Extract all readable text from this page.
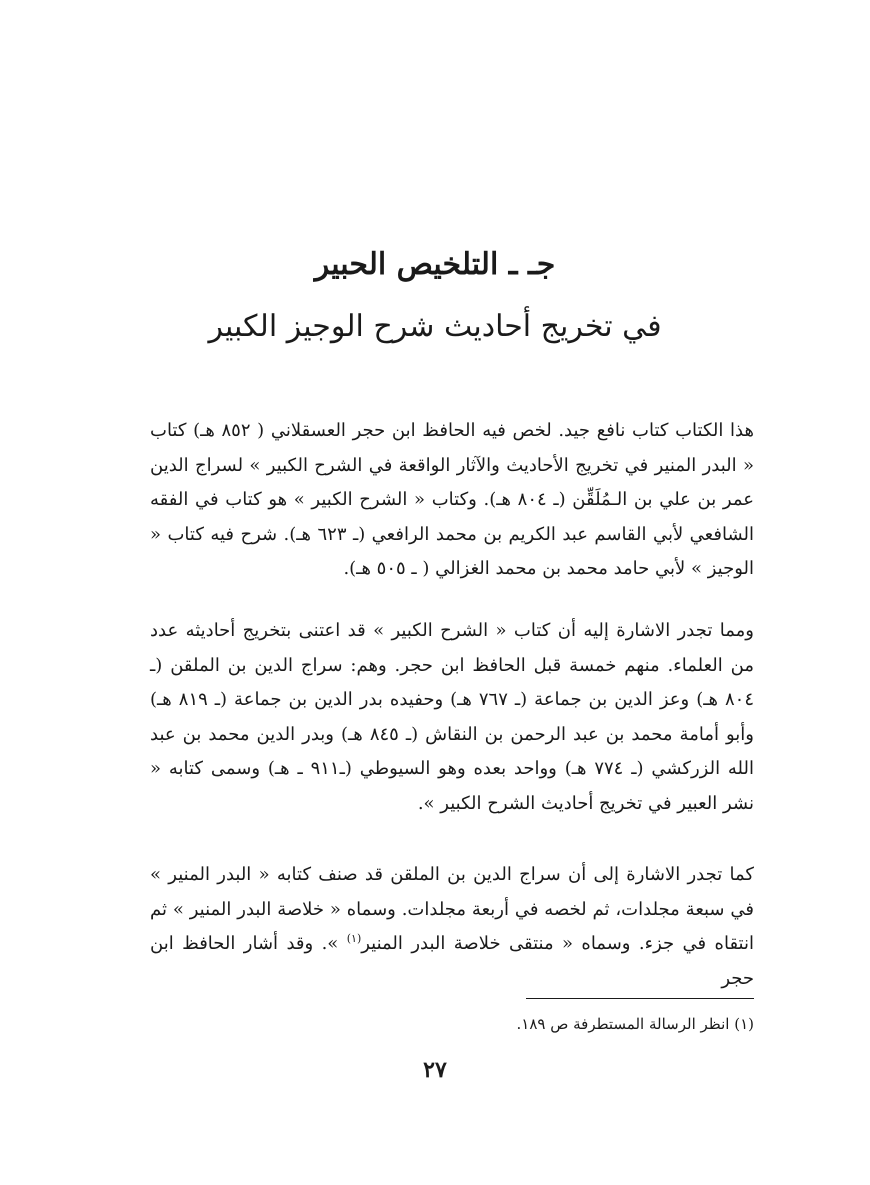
جـ ـ التلخيص الحبير
في تخريج أحاديث شرح الوجيز الكبير

هذا الكتاب كتاب نافع جيد. لخص فيه الحافظ ابن حجر العسقلاني ( ٨٥٢ هـ) كتاب « البدر المنير في تخريج الأحاديث والآثار الواقعة في الشرح الكبير » لسراج الدين عمر بن علي بن الـمُلَقِّن (ـ ٨٠٤ هـ). وكتاب « الشرح الكبير » هو كتاب في الفقه الشافعي لأبي القاسم عبد الكريم بن محمد الرافعي (ـ ٦٢٣ هـ). شرح فيه كتاب « الوجيز » لأبي حامد محمد بن محمد الغزالي ( ـ ٥٠٥ هـ).

ومما تجدر الاشارة إليه أن كتاب « الشرح الكبير » قد اعتنى بتخريج أحاديثه عدد من العلماء. منهم خمسة قبل الحافظ ابن حجر. وهم: سراج الدين بن الملقن (ـ ٨٠٤ هـ) وعز الدين بن جماعة (ـ ٧٦٧ هـ) وحفيده بدر الدين بن جماعة (ـ ٨١٩ هـ) وأبو أمامة محمد بن عبد الرحمن بن النقاش (ـ ٨٤٥ هـ) وبدر الدين محمد بن عبد الله الزركشي (ـ ٧٧٤ هـ) وواحد بعده وهو السيوطي (ـ٩١١ ـ هـ) وسمى كتابه « نشر العبير في تخريج أحاديث الشرح الكبير ».

كما تجدر الاشارة إلى أن سراج الدين بن الملقن قد صنف كتابه « البدر المنير » في سبعة مجلدات، ثم لخصه في أربعة مجلدات. وسماه « خلاصة البدر المنير » ثم انتقاه في جزء. وسماه « منتقى خلاصة البدر المنير$^{(١)}$ ». وقد أشار الحافظ ابن حجر

(١) انظر الرسالة المستطرفة ص ١٨٩.

٢٧
